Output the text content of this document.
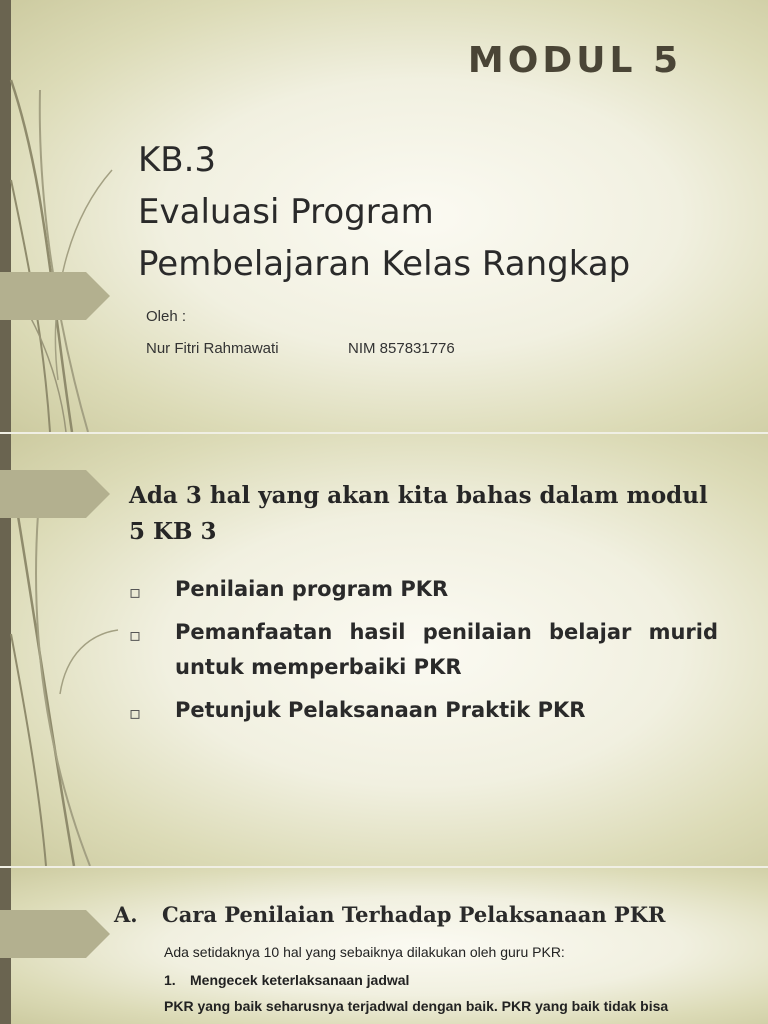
MODUL 5
KB.3
Evaluasi Program
Pembelajaran Kelas Rangkap
Oleh :
Nur Fitri Rahmawati	NIM 857831776
Ada 3 hal yang akan kita bahas dalam modul 5 KB 3
▫ Penilaian program PKR
▫ Pemanfaatan hasil penilaian belajar murid untuk memperbaiki PKR
▫ Petunjuk Pelaksanaan Praktik PKR
A. Cara Penilaian Terhadap Pelaksanaan PKR
Ada setidaknya 10 hal yang sebaiknya dilakukan oleh guru PKR:
1. Mengecek keterlaksanaan jadwal
PKR yang baik seharusnya terjadwal dengan baik. PKR yang baik tidak bisa
